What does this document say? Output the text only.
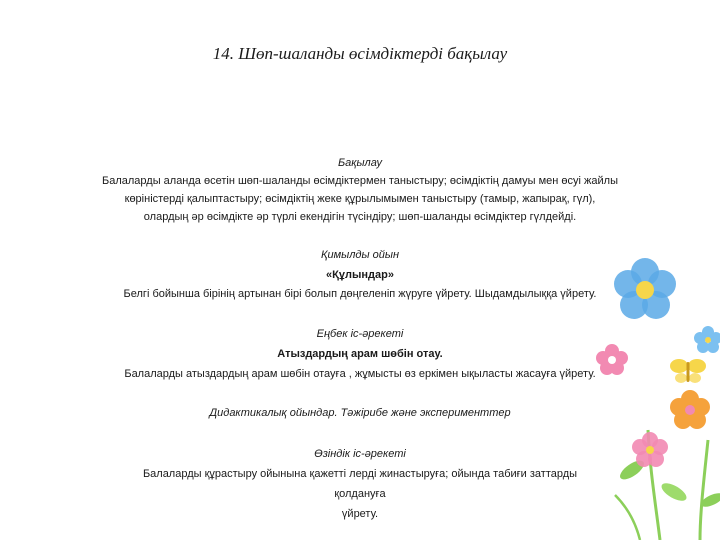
14. Шөп-шаланды өсімдіктерді бақылау
Бақылау
Балаларды аланда өсетін шөп-шаланды өсімдіктермен таныстыру; өсімдіктің дамуы мен өсуі жайлы
көріністерді қалыптастыру; өсімдіктің жеке құрылымымен таныстыру (тамыр, жапырақ, гүл),
олардың әр өсімдікте әр түрлі екендігін түсіндіру; шөп-шаланды өсімдіктер гүлдейді.
Қимылды ойын
«Құлындар»
Белгі бойынша бірінің артынан бірі болып дөңгеленіп жүруге үйрету. Шыдамдылыққа үйрету.
Еңбек іс-әрекеті
Атыздардың арам шөбін отау.
Балаларды атыздардың арам шөбін отауға , жұмысты өз еркімен ықыласты жасауға үйрету.
Дидактикалық ойындар. Тәжірибе және эксперименттер
Өзіндік іс-әрекеті
Балаларды құрастыру ойынына қажетті лерді жинастыруға; ойында табиғи заттарды
қолдануға
үйрету.
